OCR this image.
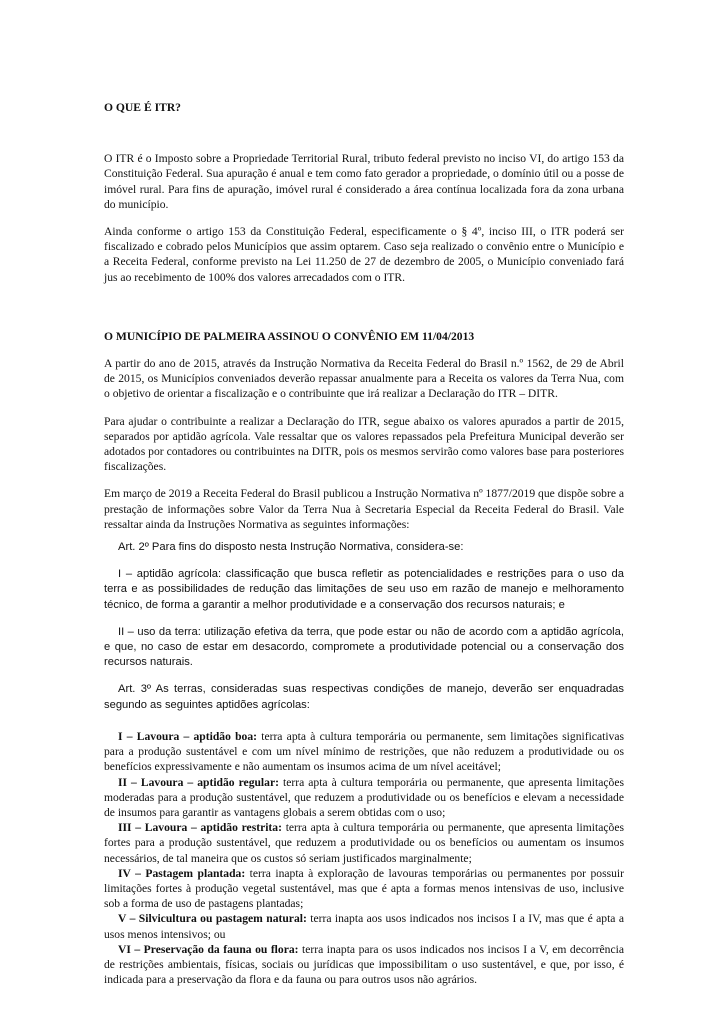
O QUE É ITR?

O ITR é o Imposto sobre a Propriedade Territorial Rural, tributo federal previsto no inciso VI, do artigo 153 da Constituição Federal. Sua apuração é anual e tem como fato gerador a propriedade, o domínio útil ou a posse de imóvel rural. Para fins de apuração, imóvel rural é considerado a área contínua localizada fora da zona urbana do município.

Ainda conforme o artigo 153 da Constituição Federal, especificamente o § 4º, inciso III, o ITR poderá ser fiscalizado e cobrado pelos Municípios que assim optarem. Caso seja realizado o convênio entre o Município e a Receita Federal, conforme previsto na Lei 11.250 de 27 de dezembro de 2005, o Município conveniado fará jus ao recebimento de 100% dos valores arrecadados com o ITR.

O MUNICÍPIO DE PALMEIRA ASSINOU O CONVÊNIO EM 11/04/2013

A partir do ano de 2015, através da Instrução Normativa da Receita Federal do Brasil n.º 1562, de 29 de Abril de 2015, os Municípios conveniados deverão repassar anualmente para a Receita os valores da Terra Nua, com o objetivo de orientar a fiscalização e o contribuinte que irá realizar a Declaração do ITR – DITR.

Para ajudar o contribuinte a realizar a Declaração do ITR, segue abaixo os valores apurados a partir de 2015, separados por aptidão agrícola. Vale ressaltar que os valores repassados pela Prefeitura Municipal deverão ser adotados por contadores ou contribuintes na DITR, pois os mesmos servirão como valores base para posteriores fiscalizações.

Em março de 2019 a Receita Federal do Brasil publicou a Instrução Normativa nº 1877/2019 que dispõe sobre a prestação de informações sobre Valor da Terra Nua à Secretaria Especial da Receita Federal do Brasil. Vale ressaltar ainda da Instruções Normativa as seguintes informações:

Art. 2º Para fins do disposto nesta Instrução Normativa, considera-se:

I – aptidão agrícola: classificação que busca refletir as potencialidades e restrições para o uso da terra e as possibilidades de redução das limitações de seu uso em razão de manejo e melhoramento técnico, de forma a garantir a melhor produtividade e a conservação dos recursos naturais; e

II – uso da terra: utilização efetiva da terra, que pode estar ou não de acordo com a aptidão agrícola, e que, no caso de estar em desacordo, compromete a produtividade potencial ou a conservação dos recursos naturais.

Art. 3º As terras, consideradas suas respectivas condições de manejo, deverão ser enquadradas segundo as seguintes aptidões agrícolas:

I – Lavoura – aptidão boa: terra apta à cultura temporária ou permanente, sem limitações significativas para a produção sustentável e com um nível mínimo de restrições, que não reduzem a produtividade ou os benefícios expressivamente e não aumentam os insumos acima de um nível aceitável;

II – Lavoura – aptidão regular: terra apta à cultura temporária ou permanente, que apresenta limitações moderadas para a produção sustentável, que reduzem a produtividade ou os benefícios e elevam a necessidade de insumos para garantir as vantagens globais a serem obtidas com o uso;

III – Lavoura – aptidão restrita: terra apta à cultura temporária ou permanente, que apresenta limitações fortes para a produção sustentável, que reduzem a produtividade ou os benefícios ou aumentam os insumos necessários, de tal maneira que os custos só seriam justificados marginalmente;

IV – Pastagem plantada: terra inapta à exploração de lavouras temporárias ou permanentes por possuir limitações fortes à produção vegetal sustentável, mas que é apta a formas menos intensivas de uso, inclusive sob a forma de uso de pastagens plantadas;

V – Silvicultura ou pastagem natural: terra inapta aos usos indicados nos incisos I a IV, mas que é apta a usos menos intensivos; ou

VI – Preservação da fauna ou flora: terra inapta para os usos indicados nos incisos I a V, em decorrência de restrições ambientais, físicas, sociais ou jurídicas que impossibilitam o uso sustentável, e que, por isso, é indicada para a preservação da flora e da fauna ou para outros usos não agrários.
